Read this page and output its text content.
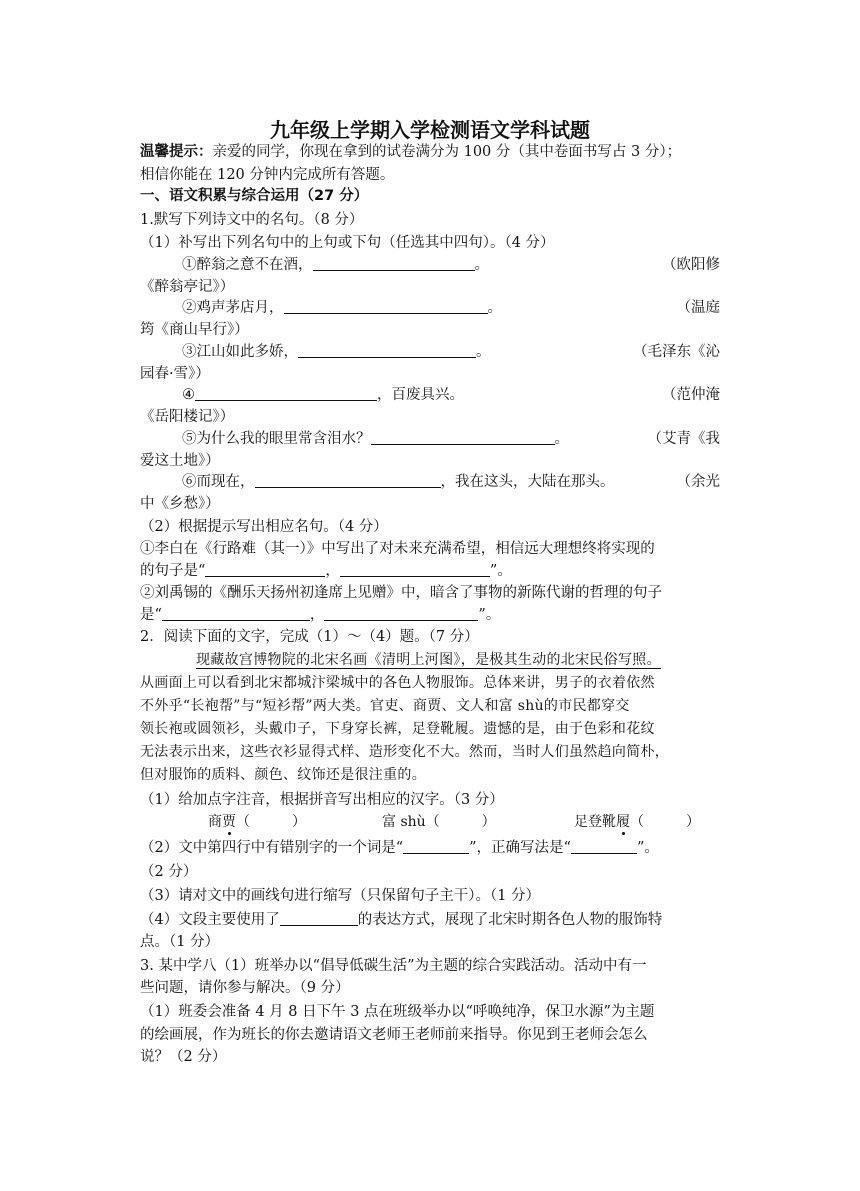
九年级上学期入学检测语文学科试题
温馨提示：亲爱的同学，你现在拿到的试卷满分为 100 分（其中卷面书写占 3 分）；
相信你能在 120 分钟内完成所有答题。
一、语文积累与综合运用（27 分）
1.默写下列诗文中的名句。（8 分）
（1）补写出下列名句中的上句或下句（任选其中四句）。（4 分）
①醉翁之意不在酒，	。	（欧阳修
《醉翁亭记》）
②鸡声茅店月，	。	（温庭
筠《商山早行》）
③江山如此多娇，	。	（毛泽东《沁
园春·雪》）
④	，百废具兴。	（范仲淹
《岳阳楼记》）
⑤为什么我的眼里常含泪水？	。	（艾青《我
爱这土地》）
⑥而现在，	，我在这头，大陆在那头。	（余光
中《乡愁》）
（2）根据提示写出相应名句。（4 分）
①李白在《行路难（其一）》中写出了对未来充满希望，相信远大理想终将实现的
的句子是“	，	”。
②刘禹锡的《酬乐天扬州初逢席上见赠》中，暗含了事物的新陈代谢的哲理的句子
是“	，	”。
2．阅读下面的文字，完成（1）～（4）题。（7 分）
现藏故宫博物院的北宋名画《清明上河图》，是极其生动的北宋民俗写照。
从画面上可以看到北宋都城汴梁城中的各色人物服饰。总体来讲，男子的衣着依然
不外乎“长袍帮”与“短衫帮”两大类。官吏、商贾、文人和富 shù的市民都穿交
领长袍或圆领衫，头戴巾子，下身穿长裤，足登靴履。遗憾的是，由于色彩和花纹
无法表示出来，这些衣衫显得式样、造形变化不大。然而，当时人们虽然趋向简朴，
但对服饰的质料、颜色、纹饰还是很注重的。
（1）给加点字注音，根据拼音写出相应的汉字。（3 分）
商贾（　　　）	富 shù（　　　）	足登靴履（　　　）
（2）文中第四行中有错别字的一个词是“	”，正确写法是“	”。
（2 分）
（3）请对文中的画线句进行缩写（只保留句子主干）。（1 分）
（4）文段主要使用了	的表达方式，展现了北宋时期各色人物的服饰特
点。（1 分）
3. 某中学八（1）班举办以“倡导低碳生活”为主题的综合实践活动。活动中有一
些问题，请你参与解决。（9 分）
（1）班委会准备 4 月 8 日下午 3 点在班级举办以“呼唤纯净，保卫水源”为主题
的绘画展，作为班长的你去邀请语文老师王老师前来指导。你见到王老师会怎么
说？（2 分）
